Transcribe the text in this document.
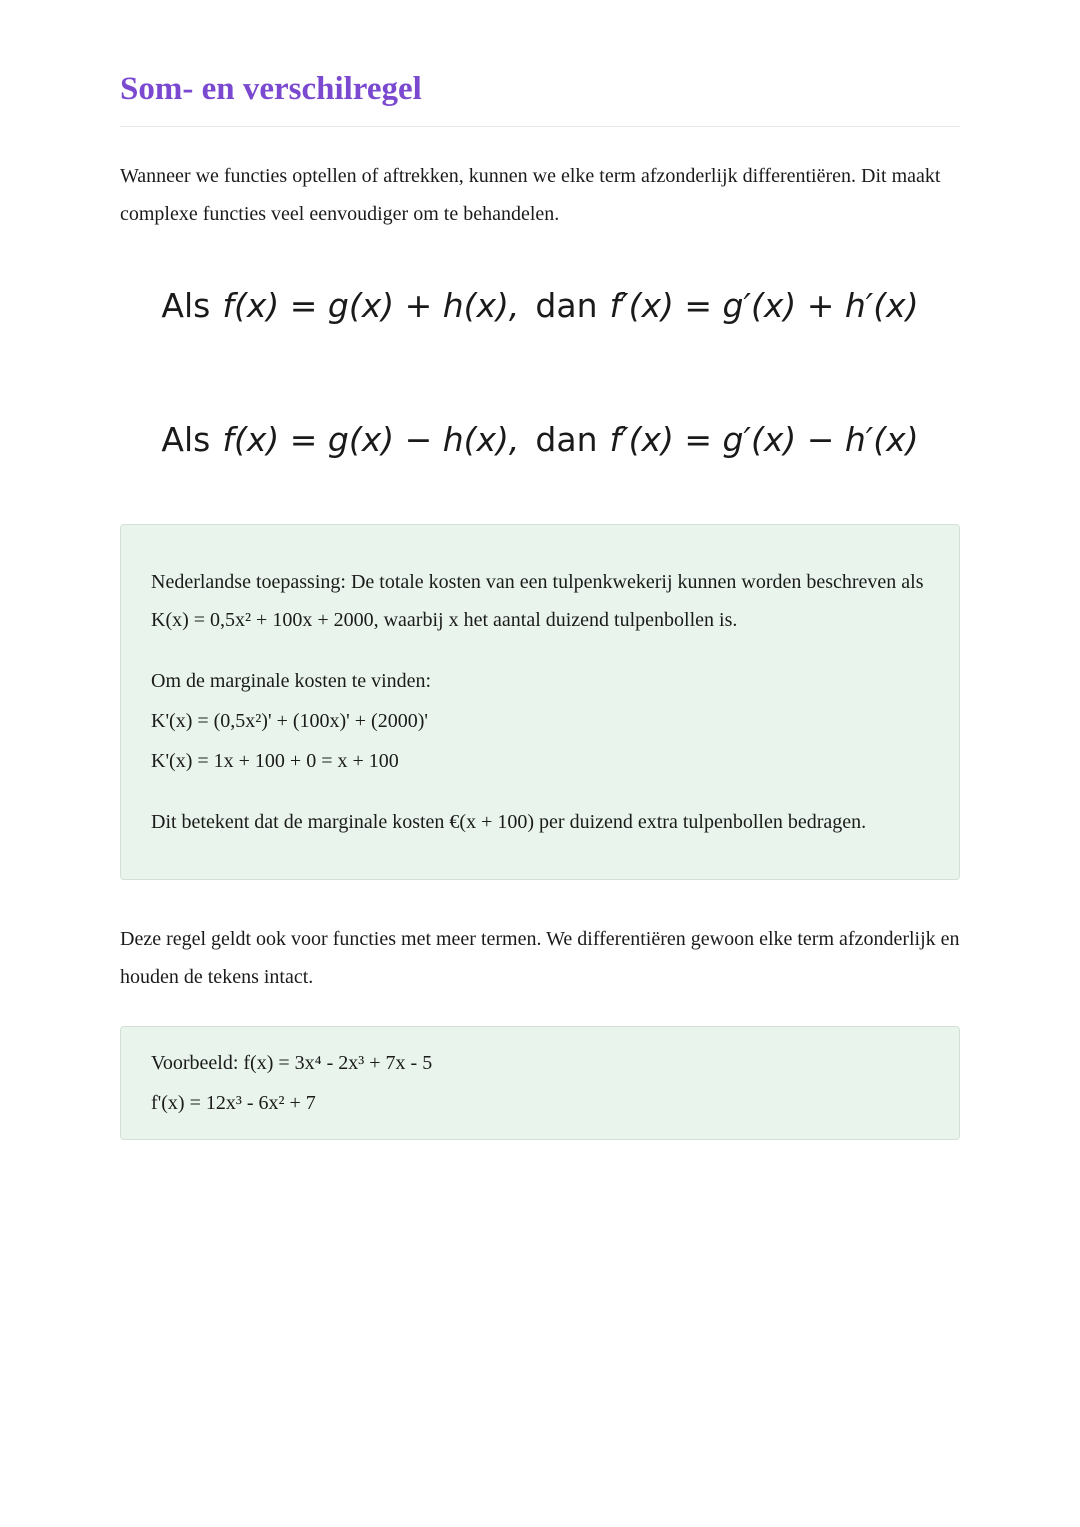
Som- en verschilregel

Wanneer we functies optellen of aftrekken, kunnen we elke term afzonderlijk differentiëren. Dit maakt complexe functies veel eenvoudiger om te behandelen.

Als f(x) = g(x) + h(x), dan f′(x) = g′(x) + h′(x)
Als f(x) = g(x) − h(x), dan f′(x) = g′(x) − h′(x)

Nederlandse toepassing: De totale kosten van een tulpenkwekerij kunnen worden beschreven als K(x) = 0,5x² + 100x + 2000, waarbij x het aantal duizend tulpenbollen is.

Om de marginale kosten te vinden:
K'(x) = (0,5x²)' + (100x)' + (2000)'
K'(x) = 1x + 100 + 0 = x + 100

Dit betekent dat de marginale kosten €(x + 100) per duizend extra tulpenbollen bedragen.

Deze regel geldt ook voor functies met meer termen. We differentiëren gewoon elke term afzonderlijk en houden de tekens intact.

Voorbeeld: f(x) = 3x⁴ - 2x³ + 7x - 5
f'(x) = 12x³ - 6x² + 7
